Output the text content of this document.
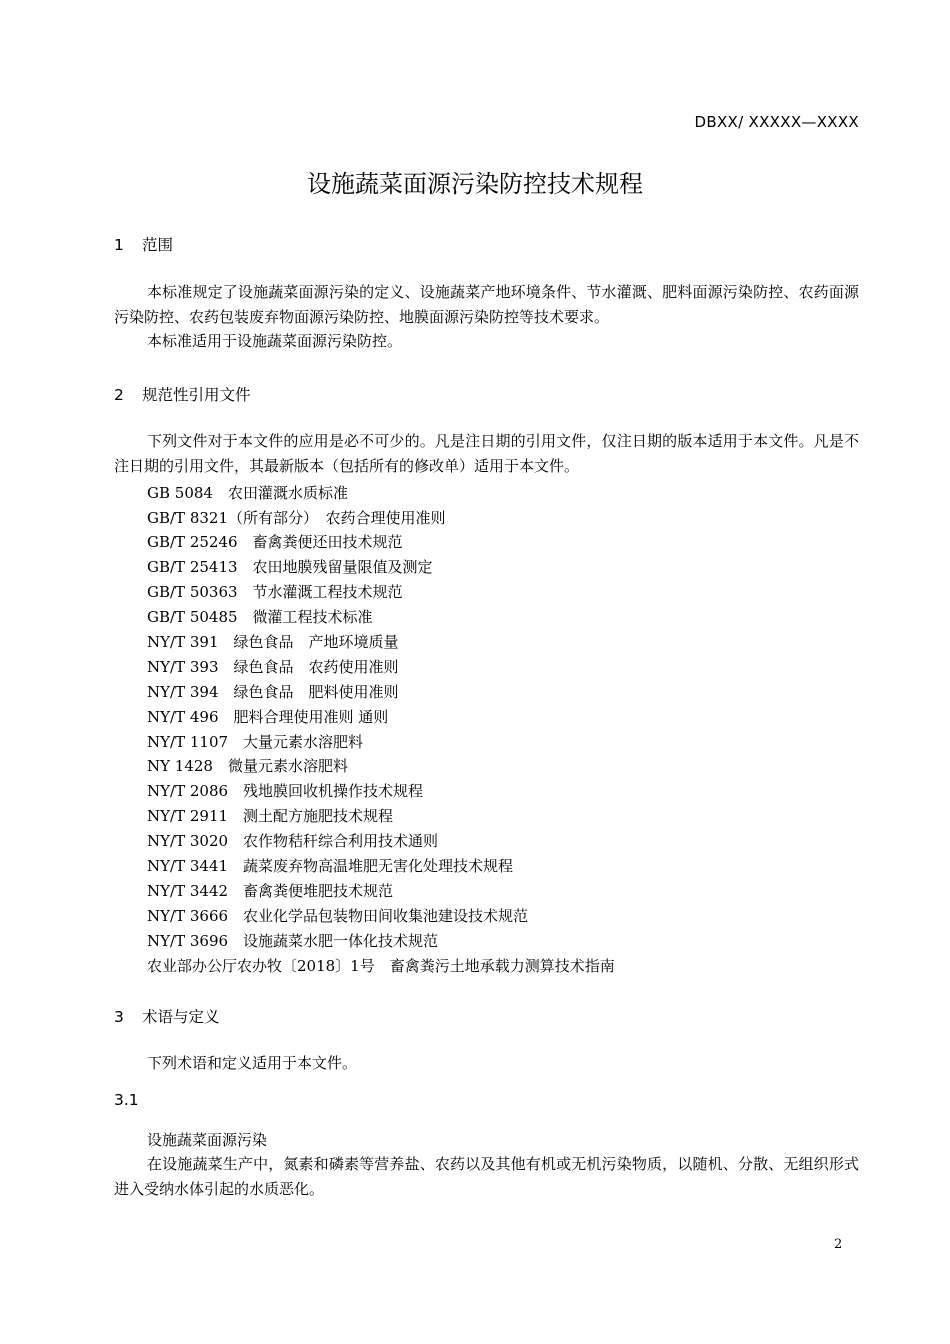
DBXX/ XXXXX—XXXX
设施蔬菜面源污染防控技术规程
1 范围

本标准规定了设施蔬菜面源污染的定义、设施蔬菜产地环境条件、节水灌溉、肥料面源污染防控、农药面源污染防控、农药包装废弃物面源污染防控、地膜面源污染防控等技术要求。

本标准适用于设施蔬菜面源污染防控。

2 规范性引用文件

下列文件对于本文件的应用是必不可少的。凡是注日期的引用文件，仅注日期的版本适用于本文件。凡是不注日期的引用文件，其最新版本（包括所有的修改单）适用于本文件。

GB 5084　农田灌溉水质标准
GB/T 8321（所有部分）　农药合理使用准则
GB/T 25246　畜禽粪便还田技术规范
GB/T 25413　农田地膜残留量限值及测定
GB/T 50363　节水灌溉工程技术规范
GB/T 50485　微灌工程技术标准
NY/T 391　绿色食品　产地环境质量
NY/T 393　绿色食品　农药使用准则
NY/T 394　绿色食品　肥料使用准则
NY/T 496　肥料合理使用准则 通则
NY/T 1107　大量元素水溶肥料
NY 1428　微量元素水溶肥料
NY/T 2086　残地膜回收机操作技术规程
NY/T 2911　测土配方施肥技术规程
NY/T 3020　农作物秸秆综合利用技术通则
NY/T 3441　蔬菜废弃物高温堆肥无害化处理技术规程
NY/T 3442　畜禽粪便堆肥技术规范
NY/T 3666　农业化学品包装物田间收集池建设技术规范
NY/T 3696　设施蔬菜水肥一体化技术规范
农业部办公厅农办牧〔2018〕1号　畜禽粪污土地承载力测算技术指南
3 术语与定义
下列术语和定义适用于本文件。
3.1
设施蔬菜面源污染

在设施蔬菜生产中，氮素和磷素等营养盐、农药以及其他有机或无机污染物质，以随机、分散、无组织形式进入受纳水体引起的水质恶化。

2
